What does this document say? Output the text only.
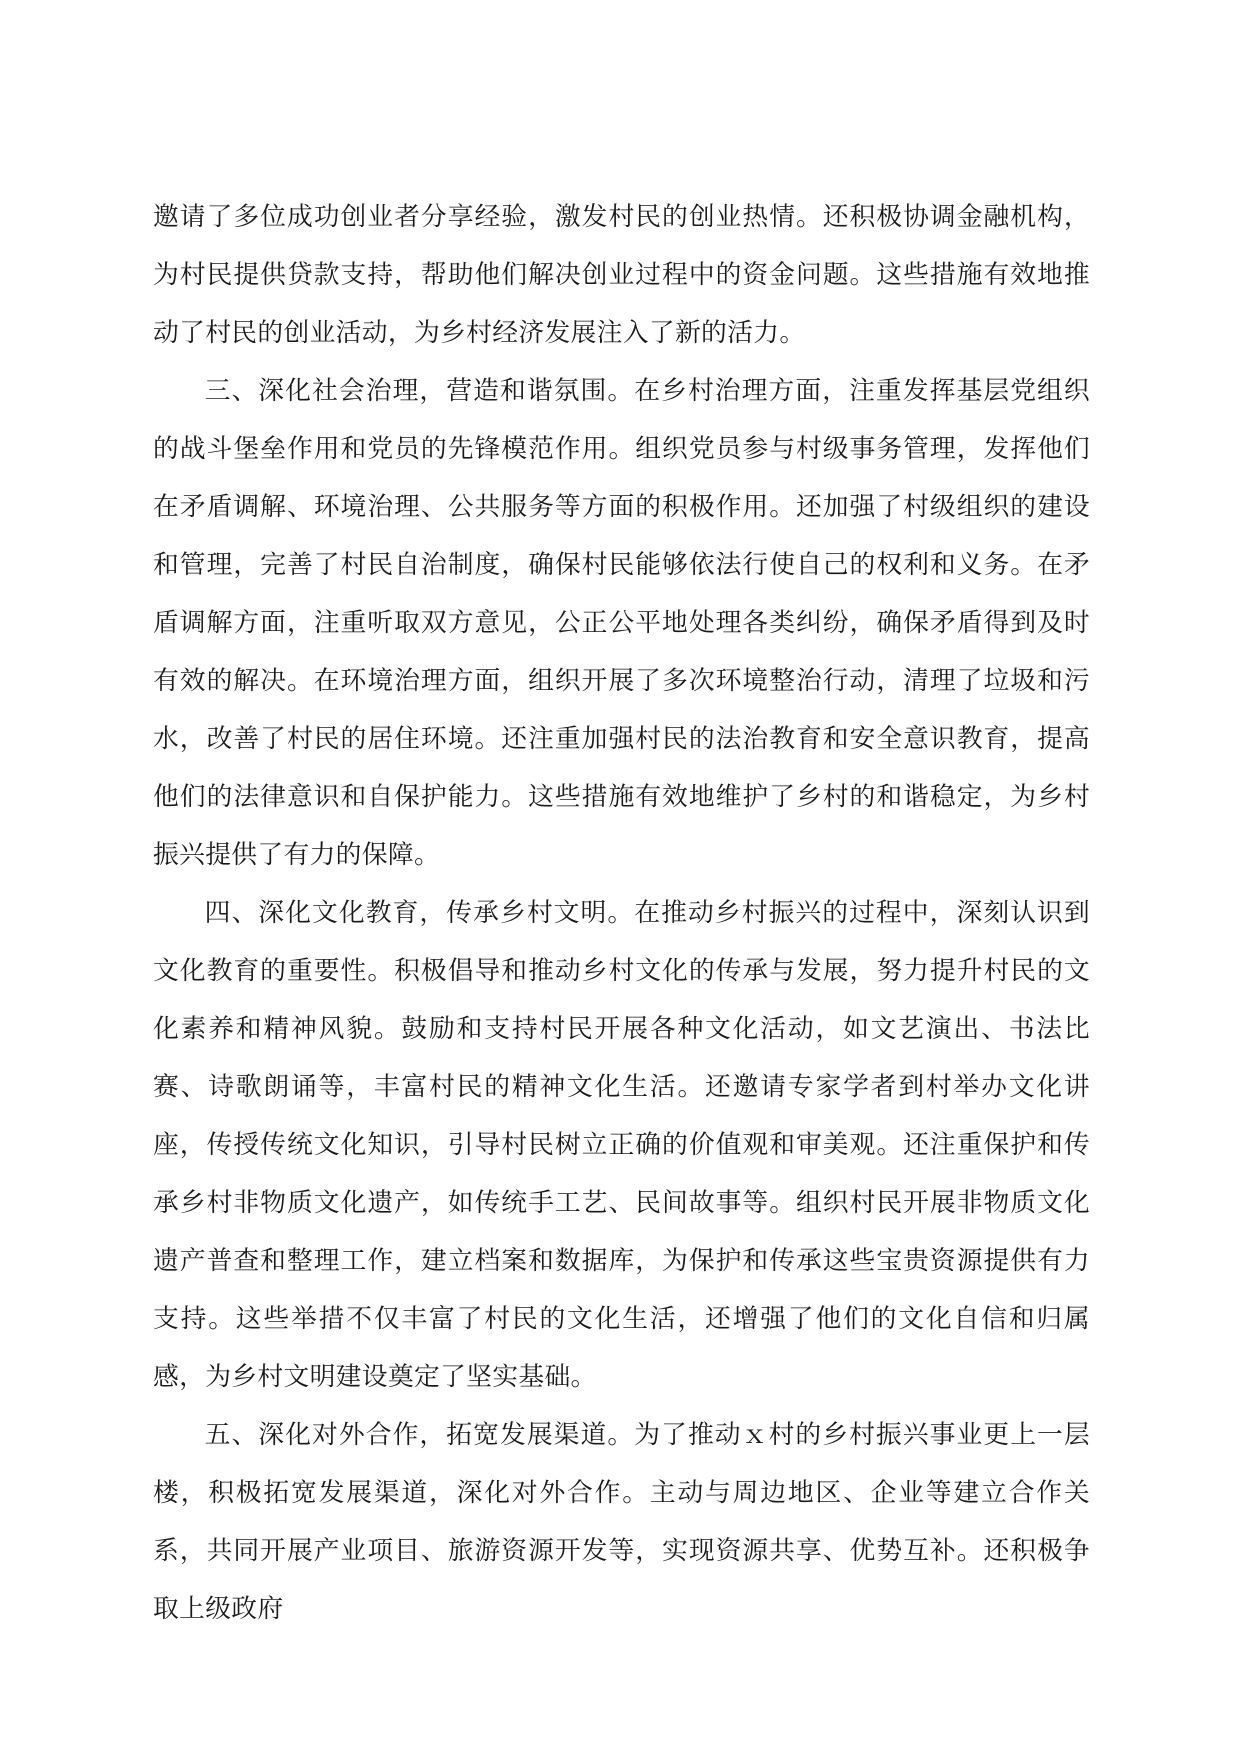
邀请了多位成功创业者分享经验，激发村民的创业热情。还积极协调金融机构，为村民提供贷款支持，帮助他们解决创业过程中的资金问题。这些措施有效地推动了村民的创业活动，为乡村经济发展注入了新的活力。

三、深化社会治理，营造和谐氛围。在乡村治理方面，注重发挥基层党组织的战斗堡垒作用和党员的先锋模范作用。组织党员参与村级事务管理，发挥他们在矛盾调解、环境治理、公共服务等方面的积极作用。还加强了村级组织的建设和管理，完善了村民自治制度，确保村民能够依法行使自己的权利和义务。在矛盾调解方面，注重听取双方意见，公正公平地处理各类纠纷，确保矛盾得到及时有效的解决。在环境治理方面，组织开展了多次环境整治行动，清理了垃圾和污水，改善了村民的居住环境。还注重加强村民的法治教育和安全意识教育，提高他们的法律意识和自保护能力。这些措施有效地维护了乡村的和谐稳定，为乡村振兴提供了有力的保障。

四、深化文化教育，传承乡村文明。在推动乡村振兴的过程中，深刻认识到文化教育的重要性。积极倡导和推动乡村文化的传承与发展，努力提升村民的文化素养和精神风貌。鼓励和支持村民开展各种文化活动，如文艺演出、书法比赛、诗歌朗诵等，丰富村民的精神文化生活。还邀请专家学者到村举办文化讲座，传授传统文化知识，引导村民树立正确的价值观和审美观。还注重保护和传承乡村非物质文化遗产，如传统手工艺、民间故事等。组织村民开展非物质文化遗产普查和整理工作，建立档案和数据库，为保护和传承这些宝贵资源提供有力支持。这些举措不仅丰富了村民的文化生活，还增强了他们的文化自信和归属感，为乡村文明建设奠定了坚实基础。

五、深化对外合作，拓宽发展渠道。为了推动ｘ村的乡村振兴事业更上一层楼，积极拓宽发展渠道，深化对外合作。主动与周边地区、企业等建立合作关系，共同开展产业项目、旅游资源开发等，实现资源共享、优势互补。还积极争取上级政府
